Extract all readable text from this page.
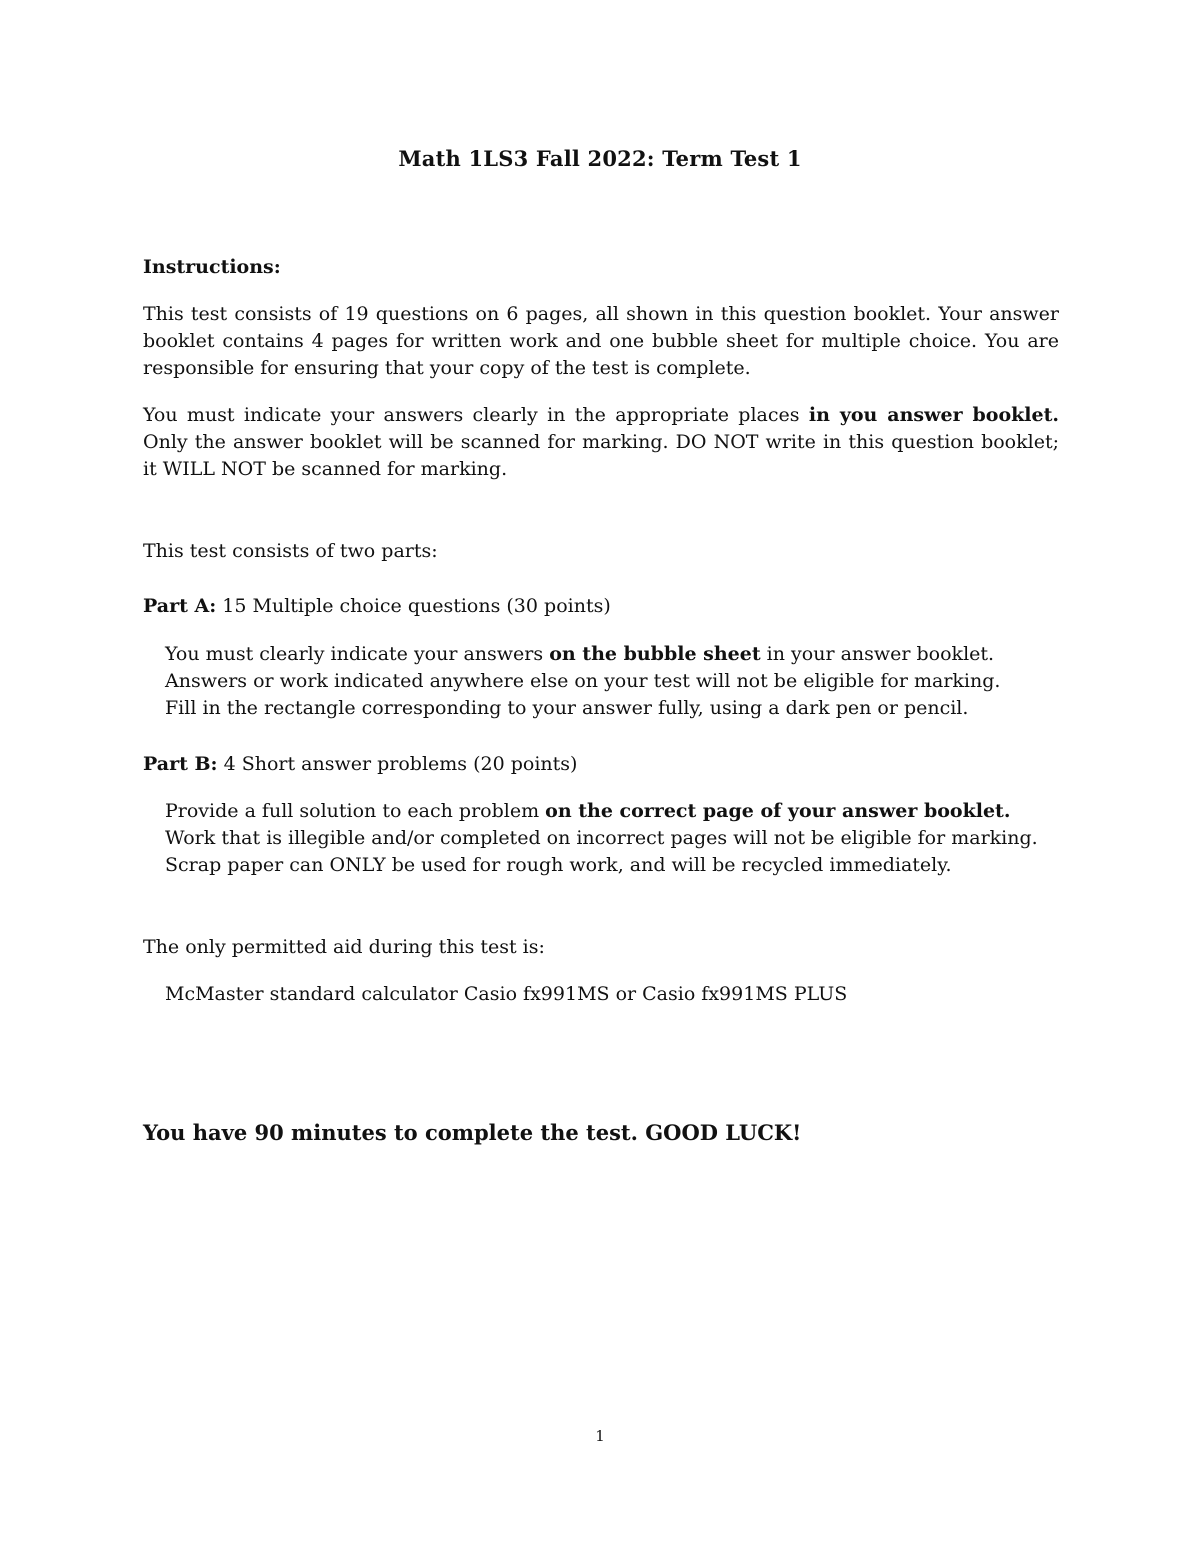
Math 1LS3 Fall 2022: Term Test 1
Instructions:
This test consists of 19 questions on 6 pages, all shown in this question booklet. Your answer booklet contains 4 pages for written work and one bubble sheet for multiple choice. You are responsible for ensuring that your copy of the test is complete.
You must indicate your answers clearly in the appropriate places in you answer booklet. Only the answer booklet will be scanned for marking. DO NOT write in this question booklet; it WILL NOT be scanned for marking.
This test consists of two parts:
Part A: 15 Multiple choice questions (30 points)
You must clearly indicate your answers on the bubble sheet in your answer booklet.
Answers or work indicated anywhere else on your test will not be eligible for marking.
Fill in the rectangle corresponding to your answer fully, using a dark pen or pencil.
Part B: 4 Short answer problems (20 points)
Provide a full solution to each problem on the correct page of your answer booklet.
Work that is illegible and/or completed on incorrect pages will not be eligible for marking.
Scrap paper can ONLY be used for rough work, and will be recycled immediately.
The only permitted aid during this test is:
McMaster standard calculator Casio fx991MS or Casio fx991MS PLUS
You have 90 minutes to complete the test. GOOD LUCK!
1
